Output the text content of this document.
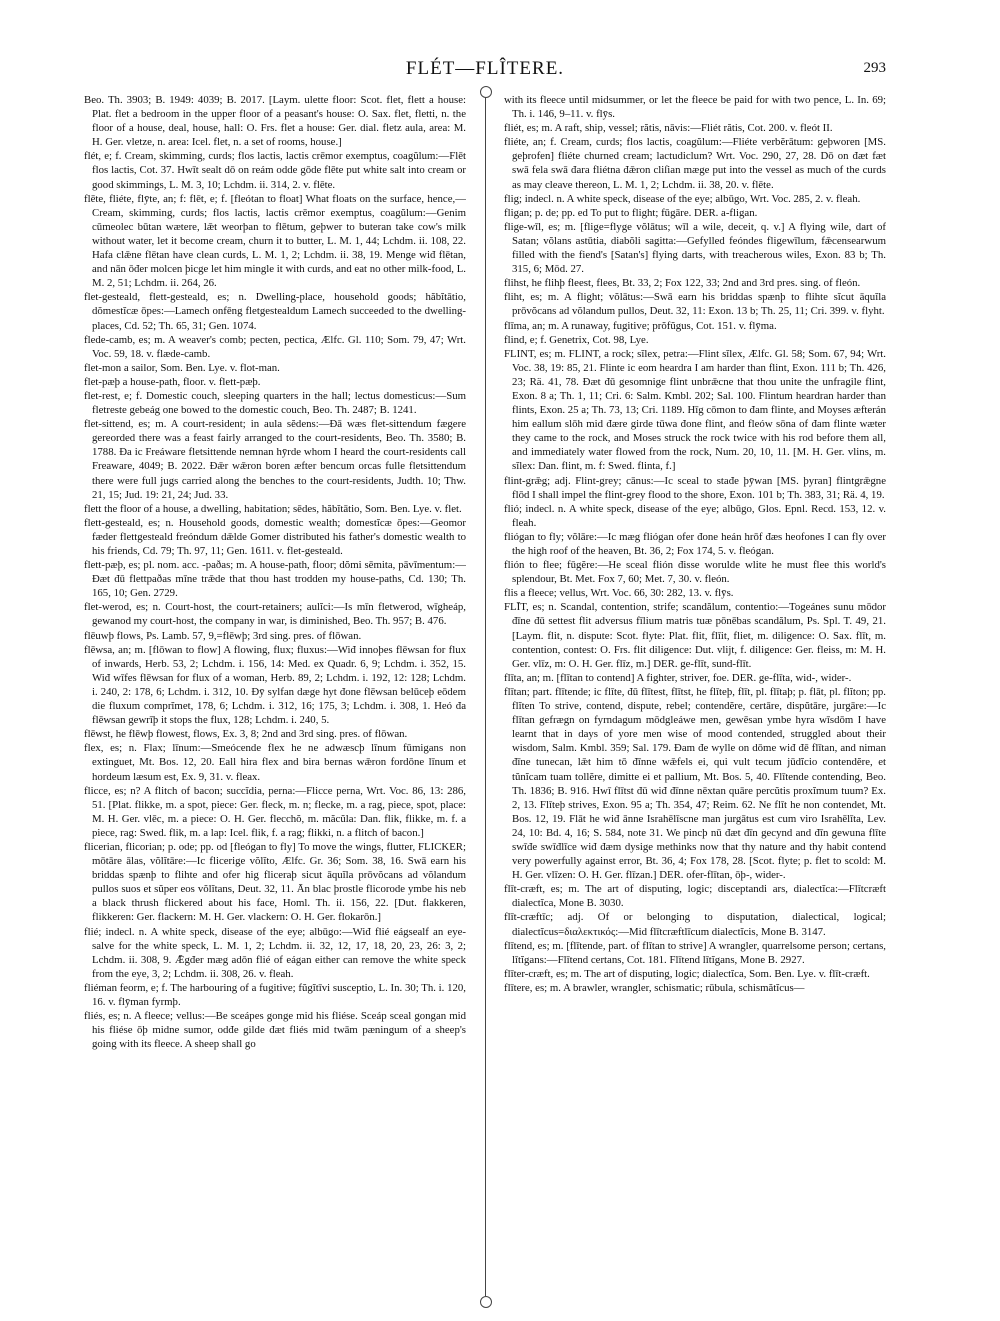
FLÉT—FLÎTERE.	293

Beo. Th. 3903; B. 1949: 4039; B. 2017. [Laym. ulette floor: Scot. flet, flett a house: Plat. flet a bedroom in the upper floor of a peasant's house: O. Sax. flet, fletti, n. the floor of a house, deal, house, hall: O. Frs. flet a house: Ger. dial. fletz aula, area: M. H. Ger. vletze, n. area: Icel. flet, n. a set of rooms, house.]

flét, e; f. Cream, skimming, curds; flos lactis, lactis crēmor exemptus, coagŭlum:—Flēt flos lactis, Cot. 37. Hwīt sealt dō on reám odde gōde flēte put white salt into cream or good skimmings, L. M. 3, 10; Lchdm. ii. 314, 2. v. flēte.

flēte, fliéte, flȳte, an; f: flēt, e; f. [fleótan to float] What floats on the surface, hence,—Cream, skimming, curds; flos lactis, lactis crēmor exemptus, coagŭlum:—Genim cūmeolec būtan wætere, lǣt weorþan to flētum, geþwer to buteran take cow's milk without water, let it become cream, churn it to butter, L. M. 1, 44; Lchdm. ii. 108, 22. Hafa clǣne flētan have clean curds, L. M. 1, 2; Lchdm. ii. 38, 19. Menge wiđ flētan, and nān ōđer molcen þicge let him mingle it with curds, and eat no other milk-food, L. M. 2, 51; Lchdm. ii. 264, 26.

flet-gesteald, flett-gesteald, es; n. Dwelling-place, household goods; hăbĭtātio, dŏmestĭcæ ōpes:—Lamech onfēng fletgestealdum Lamech succeeded to the dwelling-places, Cd. 52; Th. 65, 31; Gen. 1074.

flede-camb, es; m. A weaver's comb; pecten, pectica, Ælfc. Gl. 110; Som. 79, 47; Wrt. Voc. 59, 18. v. flæde-camb.

flet-mon a sailor, Som. Ben. Lye. v. flot-man.

flet-pæþ a house-path, floor. v. flett-pæþ.

flet-rest, e; f. Domestic couch, sleeping quarters in the hall; lectus domesticus:—Sum fletreste gebeág one bowed to the domestic couch, Beo. Th. 2487; B. 1241.

flet-sittend, es; m. A court-resident; in aula sĕdens:—Đā wæs flet-sittendum fægere gereorded there was a feast fairly arranged to the court-residents, Beo. Th. 3580; B. 1788. Đa ic Freáware fletsittende nemnan hȳrde whom I heard the court-residents call Freaware, 4049; B. 2022. Đǣr wǣron boren æfter bencum orcas fulle fletsittendum there were full jugs carried along the benches to the court-residents, Judth. 10; Thw. 21, 15; Jud. 19: 21, 24; Jud. 33.

flett the floor of a house, a dwelling, habitation; sēdes, hăbĭtātio, Som. Ben. Lye. v. flet.

flett-gesteald, es; n. Household goods, domestic wealth; domestĭcæ ōpes:—Geomor fæder flettgesteald freóndum dǣlde Gomer distributed his father's domestic wealth to his friends, Cd. 79; Th. 97, 11; Gen. 1611. v. flet-gesteald.

flett-pæþ, es; pl. nom. acc. -paðas; m. A house-path, floor; dŏmi sēmita, pāvīmentum:—Đæt đū flettpaðas mīne trǣde that thou hast trodden my house-paths, Cd. 130; Th. 165, 10; Gen. 2729.

flet-werod, es; n. Court-host, the court-retainers; aulĭci:—Is mīn fletwerod, wīgheáp, gewanod my court-host, the company in war, is diminished, Beo. Th. 957; B. 476.

flēuwþ flows, Ps. Lamb. 57, 9,=flēwþ; 3rd sing. pres. of flōwan.

flēwsa, an; m. [flōwan to flow] A flowing, flux; fluxus:—Wiđ innoþes flēwsan for flux of inwards, Herb. 53, 2; Lchdm. i. 156, 14: Med. ex Quadr. 6, 9; Lchdm. i. 352, 15. Wiđ wīfes flēwsan for flux of a woman, Herb. 89, 2; Lchdm. i. 192, 12: 128; Lchdm. i. 240, 2: 178, 6; Lchdm. i. 312, 10. Đȳ sylfan dæge hyt đone flēwsan belūceþ eōdem die fluxum comprĭmet, 178, 6; Lchdm. i. 312, 16; 175, 3; Lchdm. i. 308, 1. Heó đa flēwsan gewrīþ it stops the flux, 128; Lchdm. i. 240, 5.

flēwst, he flēwþ flowest, flows, Ex. 3, 8; 2nd and 3rd sing. pres. of flōwan.

flex, es; n. Flax; līnum:—Smeócende flex he ne adwæscþ līnum fūmigans non extinguet, Mt. Bos. 12, 20. Eall hira flex and bira bernas wǣron fordōne līnum et hordeum læsum est, Ex. 9, 31. v. fleax.

flicce, es; n? A flitch of bacon; succĭdia, perna:—Flicce perna, Wrt. Voc. 86, 13: 286, 51. [Plat. flikke, m. a spot, piece: Ger. fleck, m. n; flecke, m. a rag, piece, spot, place: M. H. Ger. vlēc, m. a piece: O. H. Ger. flecchŏ, m. măcŭla: Dan. flik, flikke, m. f. a piece, rag: Swed. flik, m. a lap: Icel. flik, f. a rag; flikki, n. a flitch of bacon.]

flicerian, flicorian; p. ode; pp. od [fleógan to fly] To move the wings, flutter, FLICKER; mōtāre ālas, vŏlĭtāre:—Ic flicerige vŏlĭto, Ælfc. Gr. 36; Som. 38, 16. Swā earn his briddas spænþ to flihte and ofer hig fliceraþ sicut āquĭla prōvŏcans ad vŏlandum pullos suos et sŭper eos vŏlĭtans, Deut. 32, 11. Ān blac þrostle flicorode ymbe his neb a black thrush flickered about his face, Homl. Th. ii. 156, 22. [Dut. flakkeren, flikkeren: Ger. flackern: M. H. Ger. vlackern: O. H. Ger. flokarōn.]

flié; indecl. n. A white speck, disease of the eye; albūgo:—Wiđ flié eágsealf an eye-salve for the white speck, L. M. 1, 2; Lchdm. ii. 32, 12, 17, 18, 20, 23, 26: 3, 2; Lchdm. ii. 308, 9. Ǣgđer mæg adōn flié of eágan either can remove the white speck from the eye, 3, 2; Lchdm. ii. 308, 26. v. fleah.

fliéman feorm, e; f. The harbouring of a fugitive; fŭgĭtīvi susceptio, L. In. 30; Th. i. 120, 16. v. flȳman fyrmþ.

fliés, es; n. A fleece; vellus:—Be sceápes gonge mid his fliése. Sceáp sceal gongan mid his fliése ōþ midne sumor, odđe gilde đæt fliés mid twām pæningum of a sheep's going with its fleece. A sheep shall go

with its fleece until midsummer, or let the fleece be paid for with two pence, L. In. 69; Th. i. 146, 9–11. v. flȳs.

fliét, es; m. A raft, ship, vessel; rătis, nāvis:—Fliét rătis, Cot. 200. v. fleót II.

fliéte, an; f. Cream, curds; flos lactis, coagŭlum:—Fliéte verbĕrātum: geþworen [MS. geþrofen] fliéte churned cream; lactudiclum? Wrt. Voc. 290, 27, 28. Dō on đæt fæt swā fela swā đara fliétna đǣron cliſian mæge put into the vessel as much of the curds as may cleave thereon, L. M. 1, 2; Lchdm. ii. 38, 20. v. flēte.

flig; indecl. n. A white speck, disease of the eye; albūgo, Wrt. Voc. 285, 2. v. fleah.

fligan; p. de; pp. ed To put to flight; fūgāre. DER. a-fligan.

flige-wīl, es; m. [flige=flyge vŏlātus; wīl a wile, deceit, q. v.] A flying wile, dart of Satan; vŏlans astūtia, diabŏli sagitta:—Gefylled feóndes fligewīlum, fǣcensearwum filled with the fiend's [Satan's] flying darts, with treacherous wiles, Exon. 83 b; Th. 315, 6; Mōd. 27.

flihst, he flihþ fleest, flees, Bt. 33, 2; Fox 122, 33; 2nd and 3rd pres. sing. of fleón.

fliht, es; m. A flight; vŏlātus:—Swā earn his briddas spænþ to flihte sĭcut āquĭla prōvŏcans ad vŏlandum pullos, Deut. 32, 11: Exon. 13 b; Th. 25, 11; Cri. 399. v. flyht.

flīma, an; m. A runaway, fugitive; prŏfŭgus, Cot. 151. v. flȳma.

flind, e; f. Genetrix, Cot. 98, Lye.

FLINT, es; m. FLINT, a rock; sĭlex, petra:—Flint sĭlex, Ælfc. Gl. 58; Som. 67, 94; Wrt. Voc. 38, 19: 85, 21. Flinte ic eom heardra I am harder than flint, Exon. 111 b; Th. 426, 23; Rä. 41, 78. Đæt đū gesomnige flint unbrǣcne that thou unite the unfragile flint, Exon. 8 a; Th. 1, 11; Cri. 6: Salm. Kmbl. 202; Sal. 100. Flintum heardran harder than flints, Exon. 25 a; Th. 73, 13; Cri. 1189. Hīg cōmon to đam flinte, and Moyses æfterán him eallum slōh mid đære girde tūwa đone flint, and fleów sōna of đam flinte wæter they came to the rock, and Moses struck the rock twice with his rod before them all, and immediately water flowed from the rock, Num. 20, 10, 11. [M. H. Ger. vlins, m. sĭlex: Dan. flint, m. f: Swed. flinta, f.]

flint-grǣg; adj. Flint-grey; cānus:—Ic sceal to stađe þȳwan [MS. þyran] flintgrǣgne flōd I shall impel the flint-grey flood to the shore, Exon. 101 b; Th. 383, 31; Rä. 4, 19.

flió; indecl. n. A white speck, disease of the eye; albūgo, Glos. Epnl. Recd. 153, 12. v. fleah.

fliógan to fly; vŏlāre:—Ic mæg fliógan ofer đone heán hrōf đæs heofones I can fly over the high roof of the heaven, Bt. 36, 2; Fox 174, 5. v. fleógan.

flión to flee; fūgĕre:—He sceal flión đisse worulde wlite he must flee this world's splendour, Bt. Met. Fox 7, 60; Met. 7, 30. v. fleón.

flis a fleece; vellus, Wrt. Voc. 66, 30: 282, 13. v. flȳs.

FLĪT, es; n. Scandal, contention, strife; scandălum, contentio:—Togeánes sunu mōdor đīne đū settest flit adversus fīlium matris tuæ pōnēbas scandălum, Ps. Spl. T. 49, 21. [Laym. flit, n. dispute: Scot. flyte: Plat. flit, flīit, fliet, m. diligence: O. Sax. flīt, m. contention, contest: O. Frs. flit diligence: Dut. vlijt, f. diligence: Ger. fleiss, m: M. H. Ger. vlīz, m: O. H. Ger. flīz, m.] DER. ge-flīt, sund-flīt.

flīta, an; m. [flītan to contend] A fighter, striver, foe. DER. ge-flīta, wid-, wider-.

flītan; part. flītende; ic flīte, đū flītest, flītst, he flīteþ, flīt, pl. flītaþ; p. flāt, pl. flĭton; pp. flĭten To strive, contend, dispute, rebel; contendĕre, certāre, dispŭtāre, jurgāre:—Ic flītan gefrægn on fyrndagum mōdgleáwe men, gewēsan ymbe hyra wīsdōm I have learnt that in days of yore men wise of mood contended, struggled about their wisdom, Salm. Kmbl. 359; Sal. 179. Đam đe wylle on dōme wiđ đē flītan, and niman đīne tunecan, lǣt him tō đīnne wǣfels ei, qui vult tecum jūdĭcio contendĕre, et tŭnĭcam tuam tollĕre, dimitte ei et pallium, Mt. Bos. 5, 40. Flītende contending, Beo. Th. 1836; B. 916. Hwī flītst đū wiđ đīnne nēxtan quāre percŭtis proxĭmum tuum? Ex. 2, 13. Flīteþ strives, Exon. 95 a; Th. 354, 47; Reim. 62. Ne flīt he non contendet, Mt. Bos. 12, 19. Flāt he wiđ ānne Israhēlīscne man jurgātus est cum viro Israhēlīta, Lev. 24, 10: Bd. 4, 16; S. 584, note 31. We pincþ nū đæt đīn gecynd and đīn gewuna flīte swīđe swīđlīce wiđ đæm dysige methinks now that thy nature and thy habit contend very powerfully against error, Bt. 36, 4; Fox 178, 28. [Scot. flyte; p. flet to scold: M. H. Ger. vlīzen: O. H. Ger. flīzan.] DER. ofer-flītan, ōþ-, wider-.

flīt-cræft, es; m. The art of disputing, logic; disceptandi ars, dialectĭca:—Flītcræft dialectĭca, Mone B. 3030.

flīt-cræftīc; adj. Of or belonging to disputation, dialectical, logical; dialectĭcus=διαλεκτικός:—Mid flītcræftlīcum dialectĭcis, Mone B. 3147.

flītend, es; m. [flītende, part. of flītan to strive] A wrangler, quarrelsome person; certans, lītĭgans:—Flītend certans, Cot. 181. Flītend lītĭgans, Mone B. 2927.

flīter-cræft, es; m. The art of disputing, logic; dialectĭca, Som. Ben. Lye. v. flīt-cræft.

flītere, es; m. A brawler, wrangler, schismatic; rūbula, schismătĭcus—
